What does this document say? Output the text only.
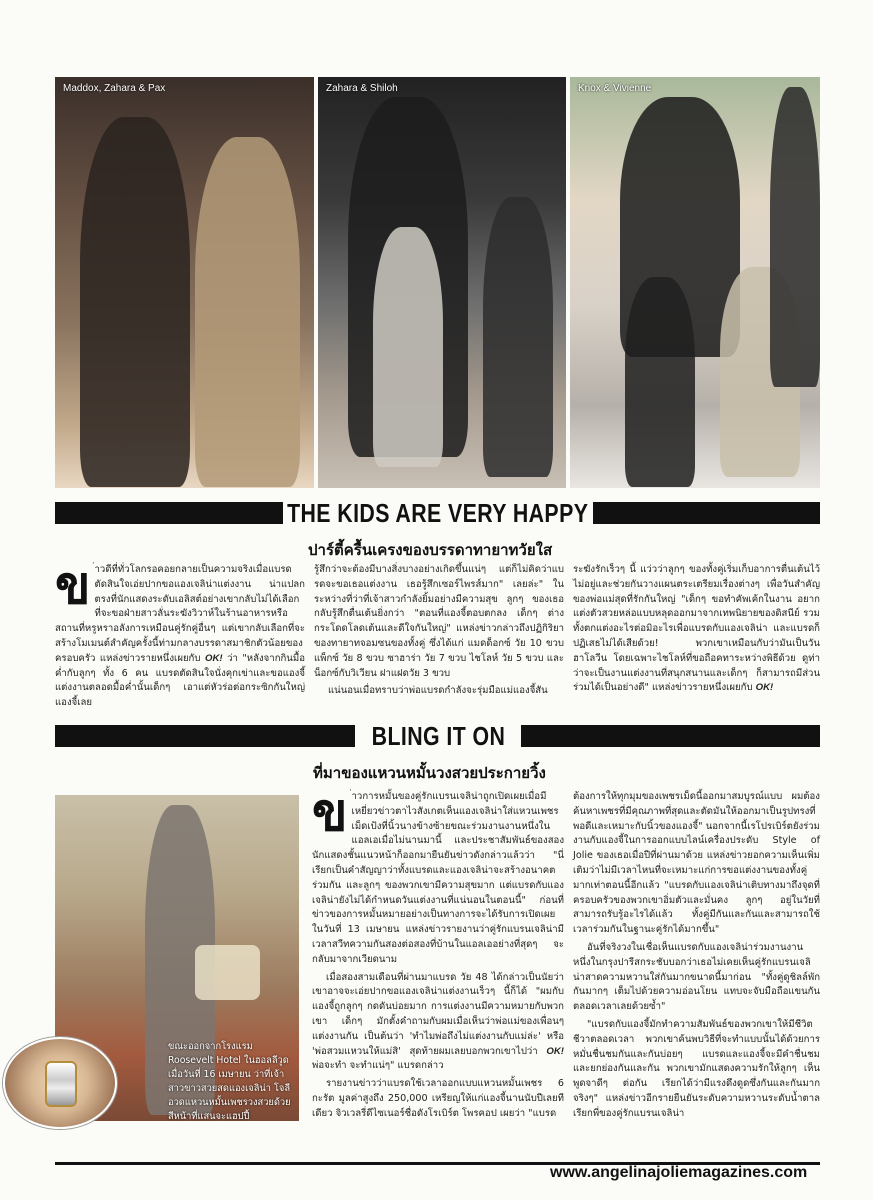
Maddox, Zahara & Pax	Zahara & Shiloh	Knox & Vivienne
THE KIDS ARE VERY HAPPY
ปาร์ตี้ครื้นเครงของบรรดาทายาทวัยใส
ข ่าวดีที่ทั่วโลกรอคอยกลายเป็นความจริงเมื่อแบรดตัดสินใจเอ่ยปากขอแองเจลิน่าแต่งงาน น่าแปลกตรงที่นักแสดงระดับเอลิสต์อย่างเขากลับไม่ได้เลือกที่จะขอฝ่ายสาวลั่นระฆังวิวาห์ในร้านอาหารหรือสถานที่หรูหราอลังการเหมือนคู่รักคู่อื่นๆ แต่เขากลับเลือกที่จะสร้างโมเมนต์สำคัญครั้งนี้ท่ามกลางบรรดาสมาชิกตัวน้อยของครอบครัว แหล่งข่าวรายหนึ่งเผยกับ OK! ว่า "หลังจากกินมื้อค่ำกับลูกๆ ทั้ง 6 คน แบรดตัดสินใจนั่งคุกเข่าและขอแองจี้แต่งงานตลอดมื้อค่ำนั้นเด็กๆ เอาแต่หัวร่อต่อกระซิกกันใหญ่ แองจี้เลย

รู้สึกว่าจะต้องมีบางสิ่งบางอย่างเกิดขึ้นแน่ๆ แต่ก็ไม่คิดว่าแบรดจะขอเธอแต่งงาน เธอรู้สึกเซอร์ไพรส์มาก" เลยล่ะ" ในระหว่างที่ว่าที่เจ้าสาวกำลังยิ้มอย่างมีความสุข ลูกๆ ของเธอกลับรู้สึกตื่นเต้นยิ่งกว่า "ตอนที่แองจี้ตอบตกลง เด็กๆ ต่างกระโดดโลดเต้นและดีใจกันใหญ่" แหล่งข่าวกล่าวถึงปฏิกิริยาของทายาทจอมซนของทั้งคู่ ซึ่งได้แก่ แมดด็อกซ์ วัย 10 ขวบ แพ็กซ์ วัย 8 ขวบ ซาฮาร่า วัย 7 ขวบ ไชโลห์ วัย 5 ขวบ และน็อกซ์กับวิเวียน ฝาแฝดวัย 3 ขวบ

แน่นอนเมื่อทราบว่าพ่อแบรดกำลังจะรุ่มมือแม่แองจี้สัน

ระฆังรักเร็วๆ นี้ แว่วว่าลูกๆ ของทั้งคู่เริ่มเก็บอาการตื่นเต้นไว้ไม่อยู่และช่วยกันวางแผนตระเตรียมเรื่องต่างๆ เพื่อวันสำคัญของพ่อแม่สุดที่รักกันใหญ่ "เด็กๆ ขอทำคัพเค้กในงาน อยากแต่งตัวสวยหล่อแบบหลุดออกมาจากเทพนิยายของดิสนีย์ รวมทั้งตกแต่งอะไรต่อมิอะไรเพื่อแบรดกับแองเจลิน่า และแบรดก็ปฏิเสธไม่ได้เสียด้วย! พวกเขาเหมือนกับว่ามันเป็นวันฮาโลวีน โดยเฉพาะไชโลห์ที่ขอถือคทาระหว่างพิธีด้วย ดูท่าว่าจะเป็นงานแต่งงานที่สนุกสนานและเด็กๆ ก็สามารถมีส่วนร่วมได้เป็นอย่างดี" แหล่งข่าวรายหนึ่งเผยกับ OK!
BLING IT ON
ที่มาของแหวนหมั้นวงสวยประกายวิ้ง
ขณะออกจากโรงแรม Roosevelt Hotel ในฮอลลีวูดเมื่อวันที่ 16 เมษายน ว่าที่เจ้าสาวขาวสวยสดแองเจลิน่า โจลี อวดแหวนหมั้นเพชรวงสวยด้วยสีหน้าที่แสนจะแฮปปี้

ข ่าวการหมั้นของคู่รักแบรนเจลิน่าถูกเปิดเผยเมื่อมีเหยี่ยวข่าวตาไวสังเกตเห็นแองเจลิน่าใส่แหวนเพชรเม็ดเป้งที่นิ้วนางข้างซ้ายขณะร่วมงานงานหนึ่งในแอลเอเมื่อไม่นานมานี้ และประชาสัมพันธ์ของสองนักแสดงชั้นแนวหน้าก็ออกมายืนยันข่าวดังกล่าวแล้วว่า "นี่เรียกเป็นคำสัญญาว่าทั้งแบรดและแองเจลิน่าจะสร้างอนาคตร่วมกัน และลูกๆ ของพวกเขามีความสุขมาก แต่แบรดกับแองเจลิน่ายังไม่ได้กำหนดวันแต่งงานที่แน่นอนในตอนนี้" ก่อนที่ข่าวของการหมั้นหมายอย่างเป็นทางการจะได้รับการเปิดเผยในวันที่ 13 เมษายน แหล่งข่าวรายงานว่าคู่รักแบรนเจลิน่ามีเวลาสวีทความกันสองต่อสองที่บ้านในแอลเออย่างที่สุดๆ จะกลับมาจากเวียดนาม

เมื่อสองสามเดือนที่ผ่านมาแบรด วัย 48 ได้กล่าวเป็นนัยว่าเขาอาจจะเอ่ยปากขอแองเจลิน่าแต่งงานเร็วๆ นี้ก็ได้ "ผมกับแองจี้ถูกลูกๆ กดดันบ่อยมาก การแต่งงานมีความหมายกับพวกเขา เด็กๆ มักตั้งคำถามกับผมเมื่อเห็นว่าพ่อแม่ของเพื่อนๆ แต่งงานกัน เป็นต้นว่า 'ทำไมพ่อถึงไม่แต่งงานกับแม่ล่ะ' หรือ 'พ่อสวมแหวนให้แม่สิ' สุดท้ายผมเลยบอกพวกเขาไปว่า OK! พ่อจะทำ จะทำแน่ๆ" แบรดกล่าว

รายงานข่าวว่าแบรดใช้เวลาออกแบบแหวนหมั้นเพชร 6 กะรัต มูลค่าสูงถึง 250,000 เหรียญให้แก่แองจี้นานนับปีเลยทีเดียว จิวเวลรี่ดีไซเนอร์ชื่อดังโรเบิร์ต โพรคอป เผยว่า "แบรด

ต้องการให้ทุกมุมของเพชรเม็ดนี้ออกมาสมบูรณ์แบบ ผมต้องค้นหาเพชรที่มีคุณภาพที่สุดและตัดมันให้ออกมาเป็นรูปทรงที่พอดีและเหมาะกับนิ้วของแองจี้" นอกจากนี้เรโปรเบิร์ตยังร่วมงานกับแองจี้ในการออกแบบไลน์เครื่องประดับ Style of Jolie ของเธอเมื่อปีที่ผ่านมาด้วย แหล่งข่าวยอกความเห็นเพิ่มเติมว่าไม่มีเวลาไหนที่จะเหมาะแก่การขอแต่งงานของทั้งคู่มากเท่าตอนนี้อีกแล้ว "แบรดกับแองเจลิน่าเติบทางมาถึงจุดที่ครอบครัวของพวกเขาอิ่มตัวและมั่นคง ลูกๆ อยู่ในวัยที่สามารถรับรู้อะไรได้แล้ว ทั้งคู่มีกันและกันและสามารถใช้เวลาร่วมกันในฐานะคู่รักได้มากขึ้น"

อันที่จริงวงในเชื่อเห็นแบรดกับแองเจลิน่าร่วมงานงานหนึ่งในกรุงปารีสกระชับบอกว่าเธอไม่เคยเห็นคู่รักแบรนเจลิน่าสาดความหวานใส่กันมากขนาดนี้มาก่อน "ทั้งคู่ดูชิลล์พักกันมากๆ เต็มไปด้วยความอ่อนโยน แทบจะจับมือถือแขนกันตลอดเวลาเลยด้วยซ้ำ"

"แบรดกับแองจี้มักทำความสัมพันธ์ของพวกเขาให้มีชีวิตชีวาตลอดเวลา พวกเขาค้นพบวิธีที่จะทำแบบนั้นได้ด้วยการหมั่นชื่นชมกันและกันบ่อยๆ แบรดและแองจี้จะมีคำชื่นชมและยกย่องกันและกัน พวกเขามักแสดงความรักให้ลูกๆ เห็น พูดจาดีๆ ต่อกัน เรียกได้ว่ามีแรงดึงดูดซึ่งกันและกันมากจริงๆ" แหล่งข่าวอีกรายยืนยันระดับความหวานระดับน้ำตาลเรียกพี่ของคู่รักแบรนเจลิน่า

www.angelinajoliemagazines.com
